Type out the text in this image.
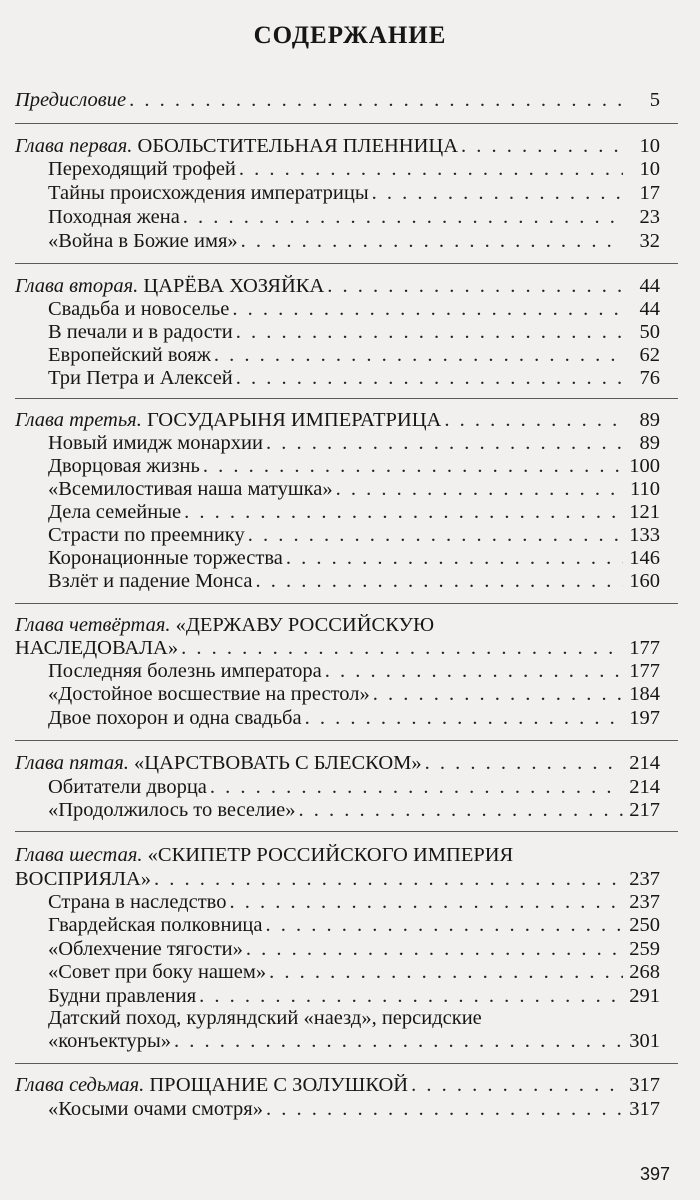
СОДЕРЖАНИЕ
Предисловие . . .	5
Глава первая. ОБОЛЬСТИТЕЛЬНАЯ ПЛЕННИЦА . . .	10
Переходящий трофей . . .	10
Тайны происхождения императрицы . . .	17
Походная жена . . .	23
«Война в Божие имя» . . .	32
Глава вторая. ЦАРЁВА ХОЗЯЙКА . . .	44
Свадьба и новоселье . . .	44
В печали и в радости . . .	50
Европейский вояж . . .	62
Три Петра и Алексей . . .	76
Глава третья. ГОСУДАРЫНЯ ИМПЕРАТРИЦА . . .	89
Новый имидж монархии . . .	89
Дворцовая жизнь . . .	100
«Всемилостивая наша матушка» . . .	110
Дела семейные . . .	121
Страсти по преемнику . . .	133
Коронационные торжества . . .	146
Взлёт и падение Монса . . .	160
Глава четвёртая. «ДЕРЖАВУ РОССИЙСКУЮ
НАСЛЕДОВАЛА» . . .	177
Последняя болезнь императора . . .	177
«Достойное восшествие на престол» . . .	184
Двое похорон и одна свадьба . . .	197
Глава пятая. «ЦАРСТВОВАТЬ С БЛЕСКОМ» . . .	214
Обитатели дворца . . .	214
«Продолжилось то веселие» . . .	217
Глава шестая. «СКИПЕТР РОССИЙСКОГО ИМПЕРИЯ
ВОСПРИЯЛА» . . .	237
Страна в наследство . . .	237
Гвардейская полковница . . .	250
«Облехчение тягости» . . .	259
«Совет при боку нашем» . . .	268
Будни правления . . .	291
Датский поход, курляндский «наезд», персидские
«конъектуры» . . .	301
Глава седьмая. ПРОЩАНИЕ С ЗОЛУШКОЙ . . .	317
«Косыми очами смотря» . . .	317
397
